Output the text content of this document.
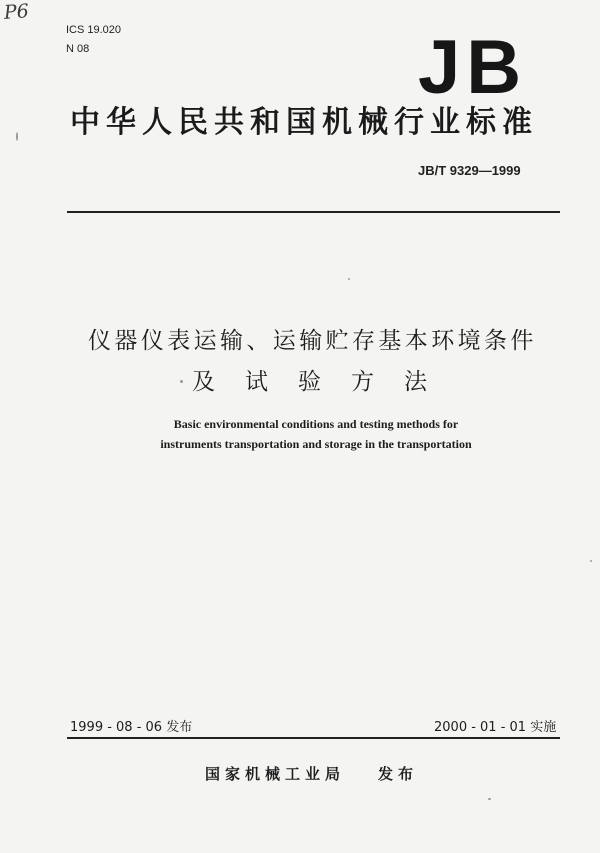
P6
ICS 19.020
N 08	JB
中华人民共和国机械行业标准
JB/T 9329—1999
仪器仪表运输、运输贮存基本环境条件
及试验方法
Basic environmental conditions and testing methods for
instruments transportation and storage in the transportation
1999 - 08 - 06 发布	2000 - 01 - 01 实施
国家机械工业局 发布
